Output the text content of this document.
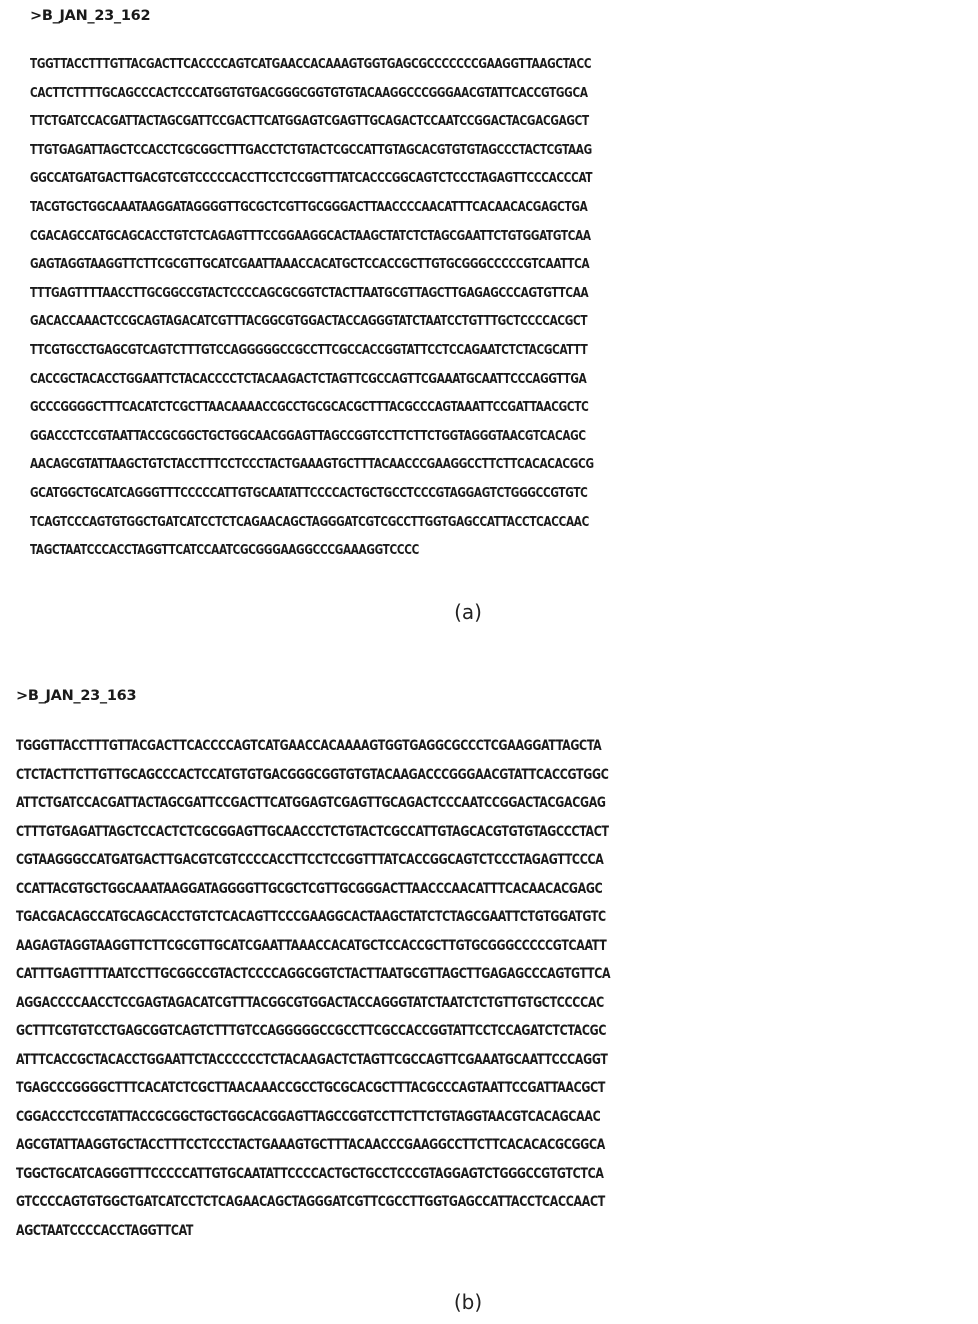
>B_JAN_23_162
TGGTTACCTTTGTTACGACTTCACCCCAGTCATGAACCACAAAGTGGTGAGCGCCCCCCCGAAGGTTAAGCTACC
CACTTCTTTTGCAGCCCACTCCCATGGTGTGACGGGCGGTGTGTACAAGGCCCGGGAACGTATTCACCGTGGCA
TTCTGATCCACGATTACTAGCGATTCCGACTTCATGGAGTCGAGTTGCAGACTCCAATCCGGACTACGACGAGCT
TTGTGAGATTAGCTCCACCTCGCGGCTTTGACCTCTGTACTCGCCATTGTAGCACGTGTGTAGCCCTACTCGTAAG
GGCCATGATGACTTGACGTCGTCCCCCACCTTCCTCCGGTTTATCACCCGGCAGTCTCCCTAGAGTTCCCACCCAT
TACGTGCTGGCAAATAAGGATAGGGGTTGCGCTCGTTGCGGGACTTAACCCCAACATTTCACAACACGAGCTGA
CGACAGCCATGCAGCACCTGTCTCAGAGTTTCCGGAAGGCACTAAGCTATCTCTAGCGAATTCTGTGGATGTCAA
GAGTAGGTAAGGTTCTTCGCGTTGCATCGAATTAAACCACATGCTCCACCGCTTGTGCGGGCCCCCGTCAATTCA
TTTGAGTTTTAACCTTGCGGCCGTACTCCCCAGCGCGGTCTACTTAATGCGTTAGCTTGAGAGCCCAGTGTTCAA
GACACCAAACTCCGCAGTAGACATCGTTTACGGCGTGGACTACCAGGGTATCTAATCCTGTTTGCTCCCCACGCT
TTCGTGCCTGAGCGTCAGTCTTTGTCCAGGGGGCCGCCTTCGCCACCGGTATTCCTCCAGAATCTCTACGCATTT
CACCGCTACACCTGGAATTCTACACCCCTCTACAAGACTCTAGTTCGCCAGTTCGAAATGCAATTCCCAGGTTGA
GCCCGGGGCTTTCACATCTCGCTTAACAAAACCGCCTGCGCACGCTTTACGCCCAGTAAATTCCGATTAACGCTC
GGACCCTCCGTAATTACCGCGGCTGCTGGCAACGGAGTTAGCCGGTCCTTCTTCTGGTAGGGTAACGTCACAGC
AACAGCGTATTAAGCTGTCTACCTTTCCTCCCTACTGAAAGTGCTTTACAACCCGAAGGCCTTCTTCACACACGCG
GCATGGCTGCATCAGGGTTTCCCCCATTGTGCAATATTCCCCACTGCTGCCTCCCGTAGGAGTCTGGGCCGTGTC
TCAGTCCCAGTGTGGCTGATCATCCTCTCAGAACAGCTAGGGATCGTCGCCTTGGTGAGCCATTACCTCACCAAC
TAGCTAATCCCACCTAGGTTCATCCAATCGCGGGAAGGCCCGAAAGGTCCCC
(a)
>B_JAN_23_163
TGGGTTACCTTTGTTACGACTTCACCCCAGTCATGAACCACAAAAGTGGTGAGGCGCCCTCGAAGGATTAGCTA
CTCTACTTCTTGTTGCAGCCCACTCCATGTGTGACGGGCGGTGTGTACAAGACCCGGGAACGTATTCACCGTGGC
ATTCTGATCCACGATTACTAGCGATTCCGACTTCATGGAGTCGAGTTGCAGACTCCCAATCCGGACTACGACGAG
CTTTGTGAGATTAGCTCCACTCTCGCGGAGTTGCAACCCTCTGTACTCGCCATTGTAGCACGTGTGTAGCCCTACT
CGTAAGGGCCATGATGACTTGACGTCGTCCCCACCTTCCTCCGGTTTATCACCGGCAGTCTCCCTAGAGTTCCCA
CCATTACGTGCTGGCAAATAAGGATAGGGGTTGCGCTCGTTGCGGGACTTAACCCAACATTTCACAACACGAGC
TGACGACAGCCATGCAGCACCTGTCTCACAGTTCCCGAAGGCACTAAGCTATCTCTAGCGAATTCTGTGGATGTC
AAGAGTAGGTAAGGTTCTTCGCGTTGCATCGAATTAAACCACATGCTCCACCGCTTGTGCGGGCCCCCGTCAATT
CATTTGAGTTTTAATCCTTGCGGCCGTACTCCCCAGGCGGTCTACTTAATGCGTTAGCTTGAGAGCCCAGTGTTCA
AGGACCCCAACCTCCGAGTAGACATCGTTTACGGCGTGGACTACCAGGGTATCTAATCTCTGTTGTGCTCCCCAC
GCTTTCGTGTCCTGAGCGGTCAGTCTTTGTCCAGGGGGCCGCCTTCGCCACCGGTATTCCTCCAGATCTCTACGC
ATTTCACCGCTACACCTGGAATTCTACCCCCCTCTACAAGACTCTAGTTCGCCAGTTCGAAATGCAATTCCCAGGT
TGAGCCCGGGGCTTTCACATCTCGCTTAACAAACCGCCTGCGCACGCTTTACGCCCAGTAATTCCGATTAACGCT
CGGACCCTCCGTATTACCGCGGCTGCTGGCACGGAGTTAGCCGGTCCTTCTTCTGTAGGTAACGTCACAGCAAC
AGCGTATTAAGGTGCTACCTTTCCTCCCTACTGAAAGTGCTTTACAACCCGAAGGCCTTCTTCACACACGCGGCA
TGGCTGCATCAGGGTTTCCCCCATTGTGCAATATTCCCCACTGCTGCCTCCCGTAGGAGTCTGGGCCGTGTCTCA
GTCCCCAGTGTGGCTGATCATCCTCTCAGAACAGCTAGGGATCGTTCGCCTTGGTGAGCCATTACCTCACCAACT
AGCTAATCCCCACCTAGGTTCAT
(b)
